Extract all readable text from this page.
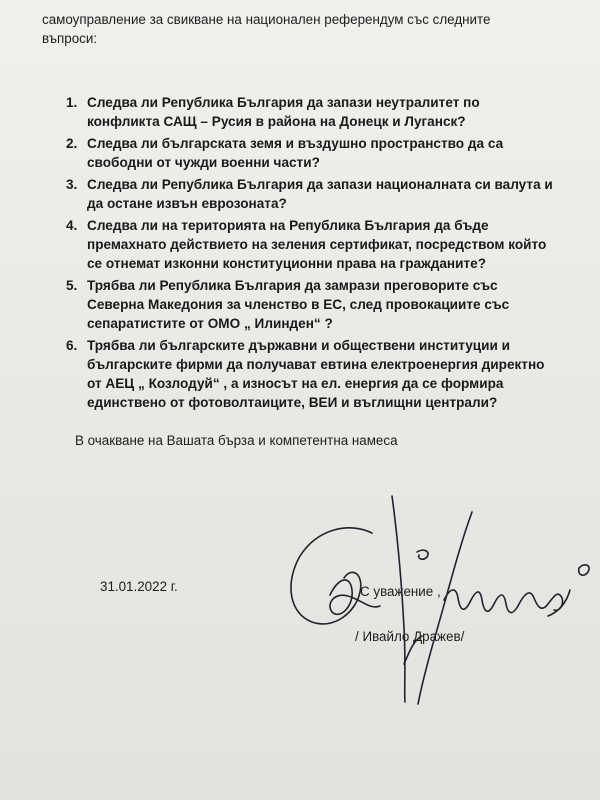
самоуправление за свикване на национален референдум със следните
въпроси:
1. Следва ли Република България да запази неутралитет по
конфликта САЩ – Русия в района на Донецк и Луганск?
2. Следва ли българската земя и въздушно пространство да са
свободни от чужди военни части?
3. Следва ли Република България да запази националната си валута и
да остане извън еврозоната?
4. Следва ли на територията на Република България да бъде
премахнато действието на зеления сертификат, посредством който
се отнемат изконни конституционни права на гражданите?
5. Трябва ли Република България да замрази преговорите със
Северна Македония за членство в ЕС, след провокациите със
сепаратистите от ОМО „ Илинден“ ?
6. Трябва ли българските държавни и обществени институции и
българските фирми да получават евтина електроенергия директно
от АЕЦ „ Козлодуй“ , а износът на ел. енергия да се формира
единствено от фотоволтаиците, ВЕИ и въглищни централи?
В очакване на Вашата бърза и компетентна намеса
31.01.2022 г.	С уважение ,
/ Ивайло Дражев/
